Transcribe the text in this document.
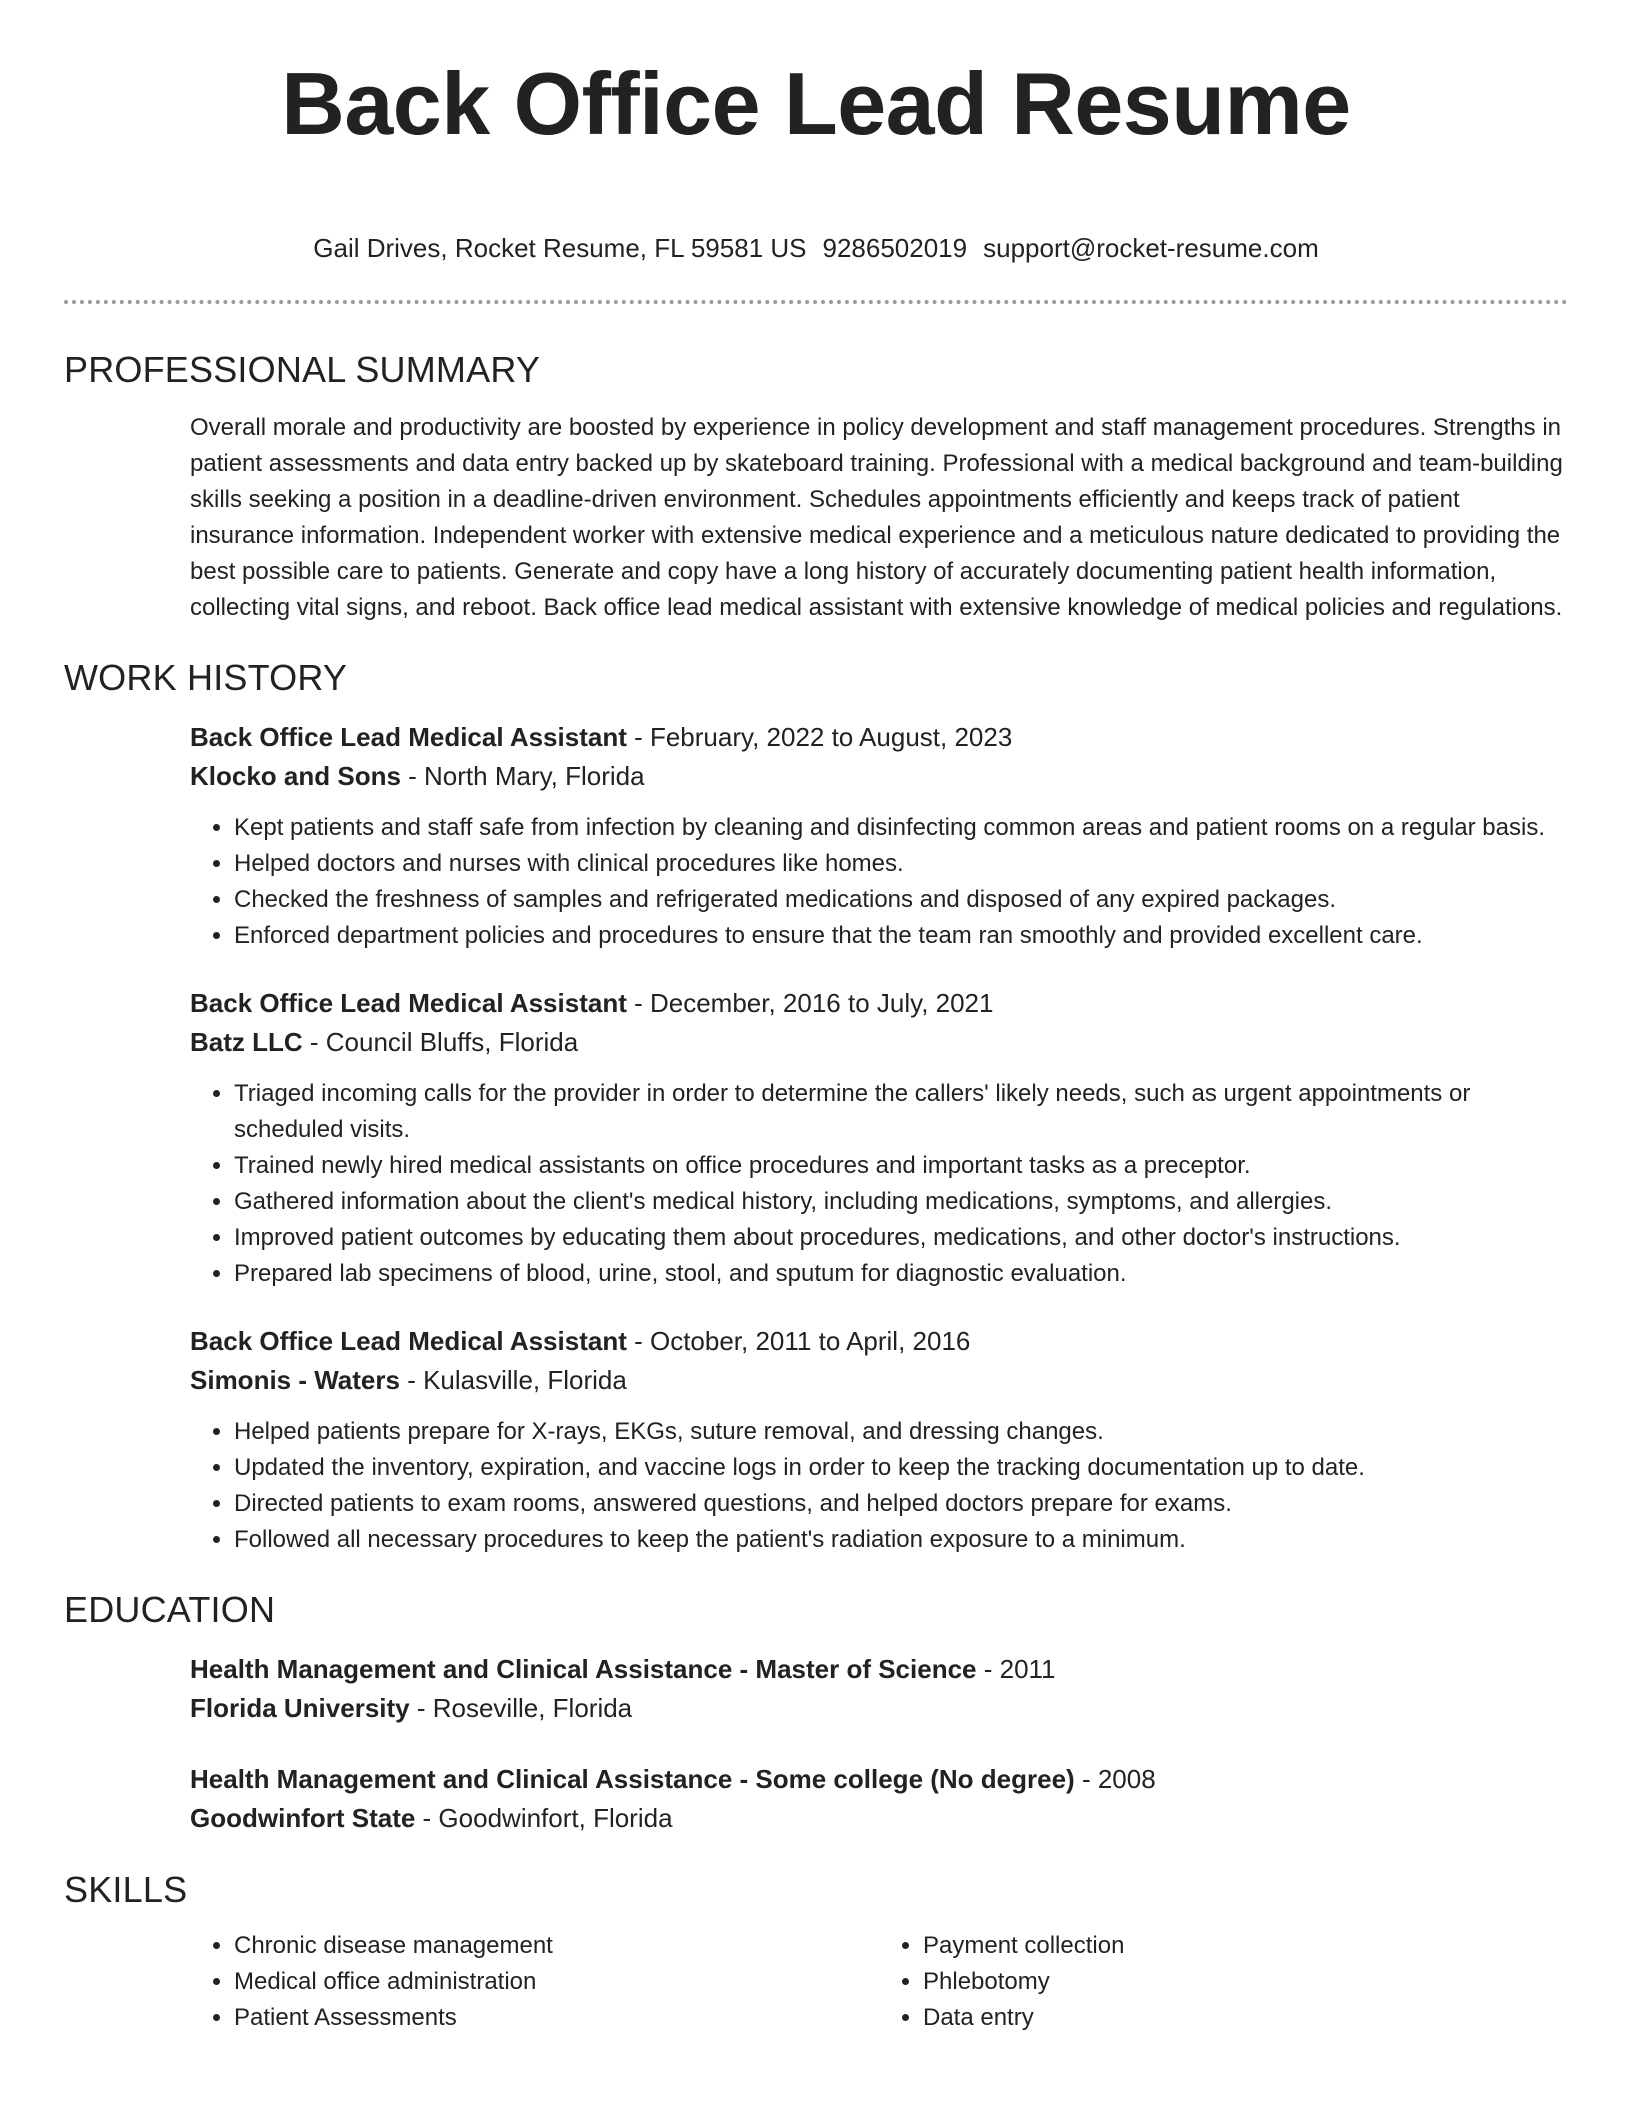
Back Office Lead Resume
Gail Drives, Rocket Resume, FL 59581 US 9286502019 support@rocket-resume.com
PROFESSIONAL SUMMARY

Overall morale and productivity are boosted by experience in policy development and staff management procedures. Strengths in patient assessments and data entry backed up by skateboard training. Professional with a medical background and team-building skills seeking a position in a deadline-driven environment. Schedules appointments efficiently and keeps track of patient insurance information. Independent worker with extensive medical experience and a meticulous nature dedicated to providing the best possible care to patients. Generate and copy have a long history of accurately documenting patient health information, collecting vital signs, and reboot. Back office lead medical assistant with extensive knowledge of medical policies and regulations.

WORK HISTORY
Back Office Lead Medical Assistant - February, 2022 to August, 2023
Klocko and Sons - North Mary, Florida
• Kept patients and staff safe from infection by cleaning and disinfecting common areas and patient rooms on a regular basis.
• Helped doctors and nurses with clinical procedures like homes.
• Checked the freshness of samples and refrigerated medications and disposed of any expired packages.
• Enforced department policies and procedures to ensure that the team ran smoothly and provided excellent care.
Back Office Lead Medical Assistant - December, 2016 to July, 2021
Batz LLC - Council Bluffs, Florida
• Triaged incoming calls for the provider in order to determine the callers' likely needs, such as urgent appointments or scheduled visits.
• Trained newly hired medical assistants on office procedures and important tasks as a preceptor.
• Gathered information about the client's medical history, including medications, symptoms, and allergies.
• Improved patient outcomes by educating them about procedures, medications, and other doctor's instructions.
• Prepared lab specimens of blood, urine, stool, and sputum for diagnostic evaluation.
Back Office Lead Medical Assistant - October, 2011 to April, 2016
Simonis - Waters - Kulasville, Florida
• Helped patients prepare for X-rays, EKGs, suture removal, and dressing changes.
• Updated the inventory, expiration, and vaccine logs in order to keep the tracking documentation up to date.
• Directed patients to exam rooms, answered questions, and helped doctors prepare for exams.
• Followed all necessary procedures to keep the patient's radiation exposure to a minimum.
EDUCATION
Health Management and Clinical Assistance - Master of Science - 2011
Florida University - Roseville, Florida
Health Management and Clinical Assistance - Some college (No degree) - 2008
Goodwinfort State - Goodwinfort, Florida
SKILLS
• Chronic disease management
• Medical office administration
• Patient Assessments
• Payment collection
• Phlebotomy
• Data entry
